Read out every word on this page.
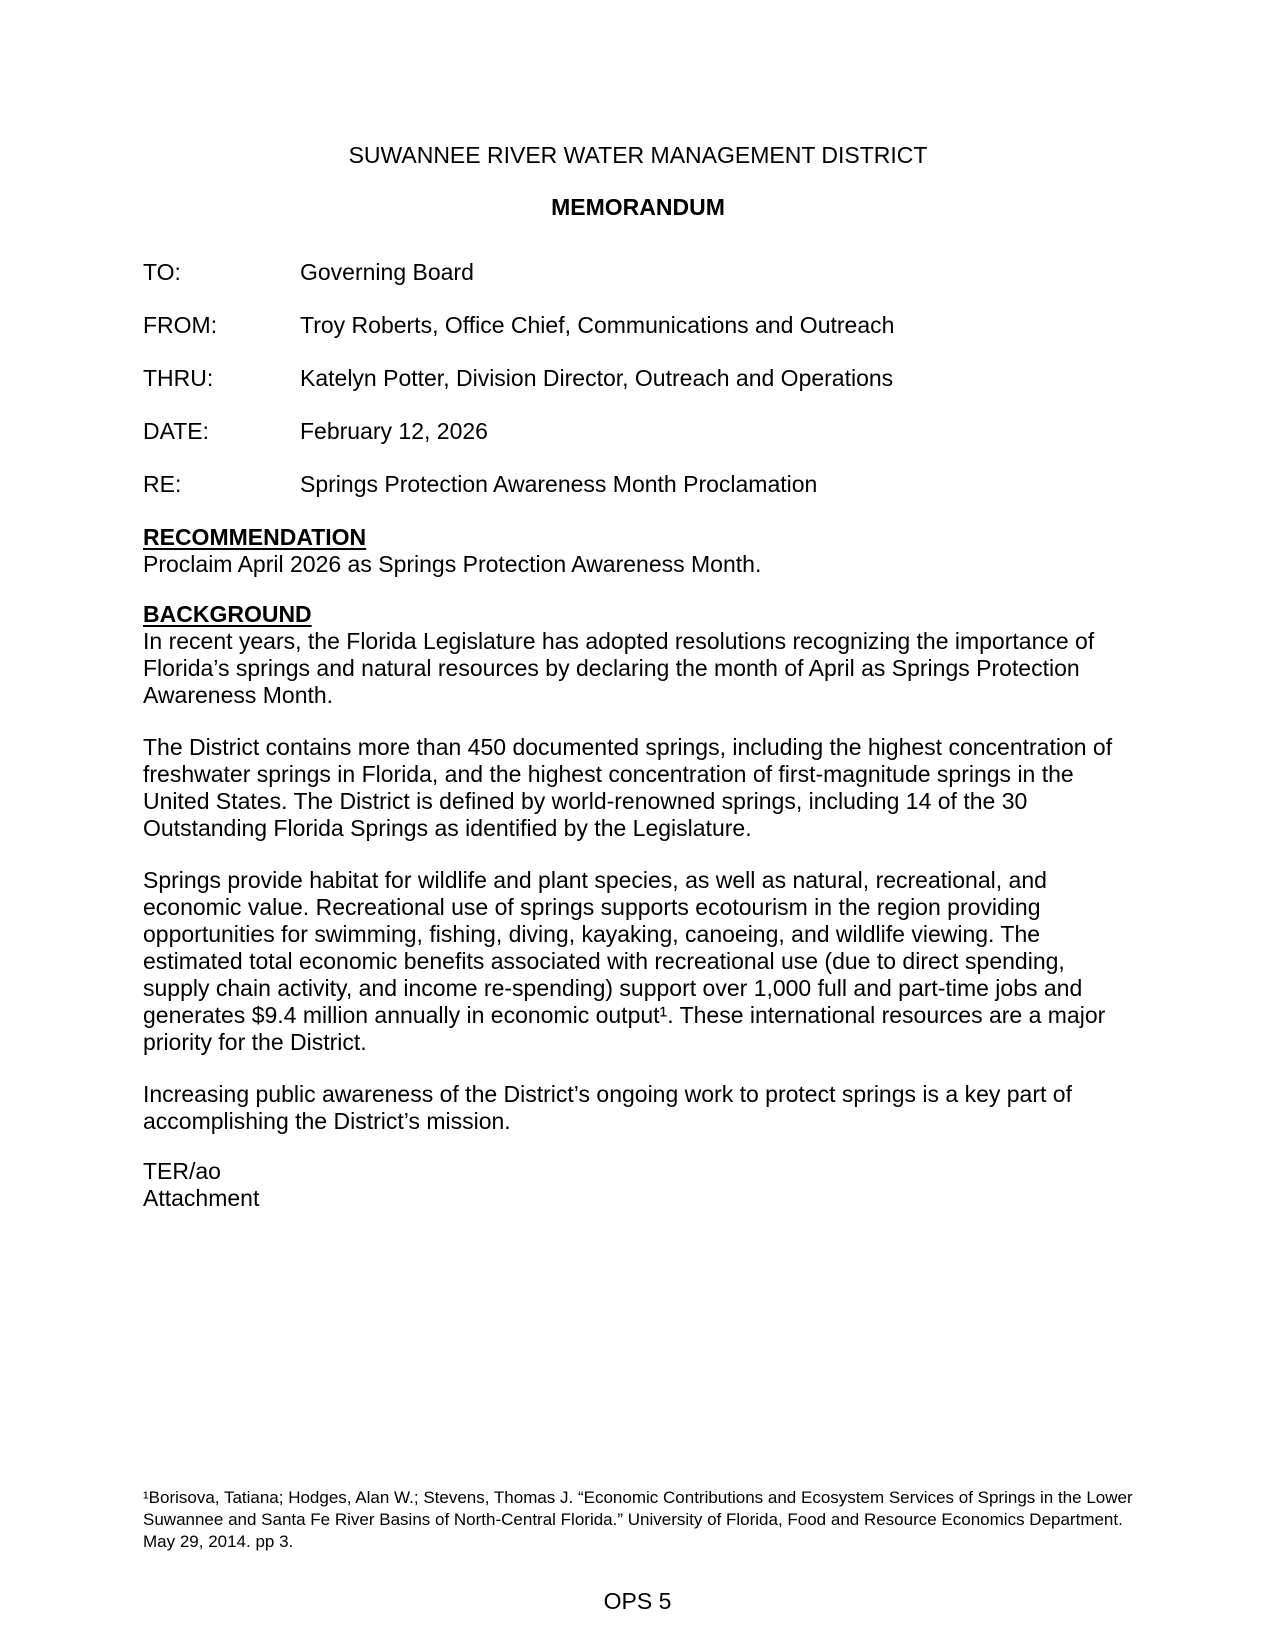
SUWANNEE RIVER WATER MANAGEMENT DISTRICT
MEMORANDUM
TO:	Governing Board
FROM:	Troy Roberts, Office Chief, Communications and Outreach
THRU:	Katelyn Potter, Division Director, Outreach and Operations
DATE:	February 12, 2026
RE:	Springs Protection Awareness Month Proclamation
RECOMMENDATION

Proclaim April 2026 as Springs Protection Awareness Month.

BACKGROUND

In recent years, the Florida Legislature has adopted resolutions recognizing the importance of Florida’s springs and natural resources by declaring the month of April as Springs Protection Awareness Month.

The District contains more than 450 documented springs, including the highest concentration of freshwater springs in Florida, and the highest concentration of first-magnitude springs in the United States. The District is defined by world-renowned springs, including 14 of the 30 Outstanding Florida Springs as identified by the Legislature.

Springs provide habitat for wildlife and plant species, as well as natural, recreational, and economic value. Recreational use of springs supports ecotourism in the region providing opportunities for swimming, fishing, diving, kayaking, canoeing, and wildlife viewing. The estimated total economic benefits associated with recreational use (due to direct spending, supply chain activity, and income re-spending) support over 1,000 full and part-time jobs and generates $9.4 million annually in economic output¹. These international resources are a major priority for the District.

Increasing public awareness of the District’s ongoing work to protect springs is a key part of accomplishing the District’s mission.

TER/ao
Attachment
¹Borisova, Tatiana; Hodges, Alan W.; Stevens, Thomas J. “Economic Contributions and Ecosystem Services of Springs in the Lower Suwannee and Santa Fe River Basins of North-Central Florida.” University of Florida, Food and Resource Economics Department. May 29, 2014. pp 3.
OPS 5
